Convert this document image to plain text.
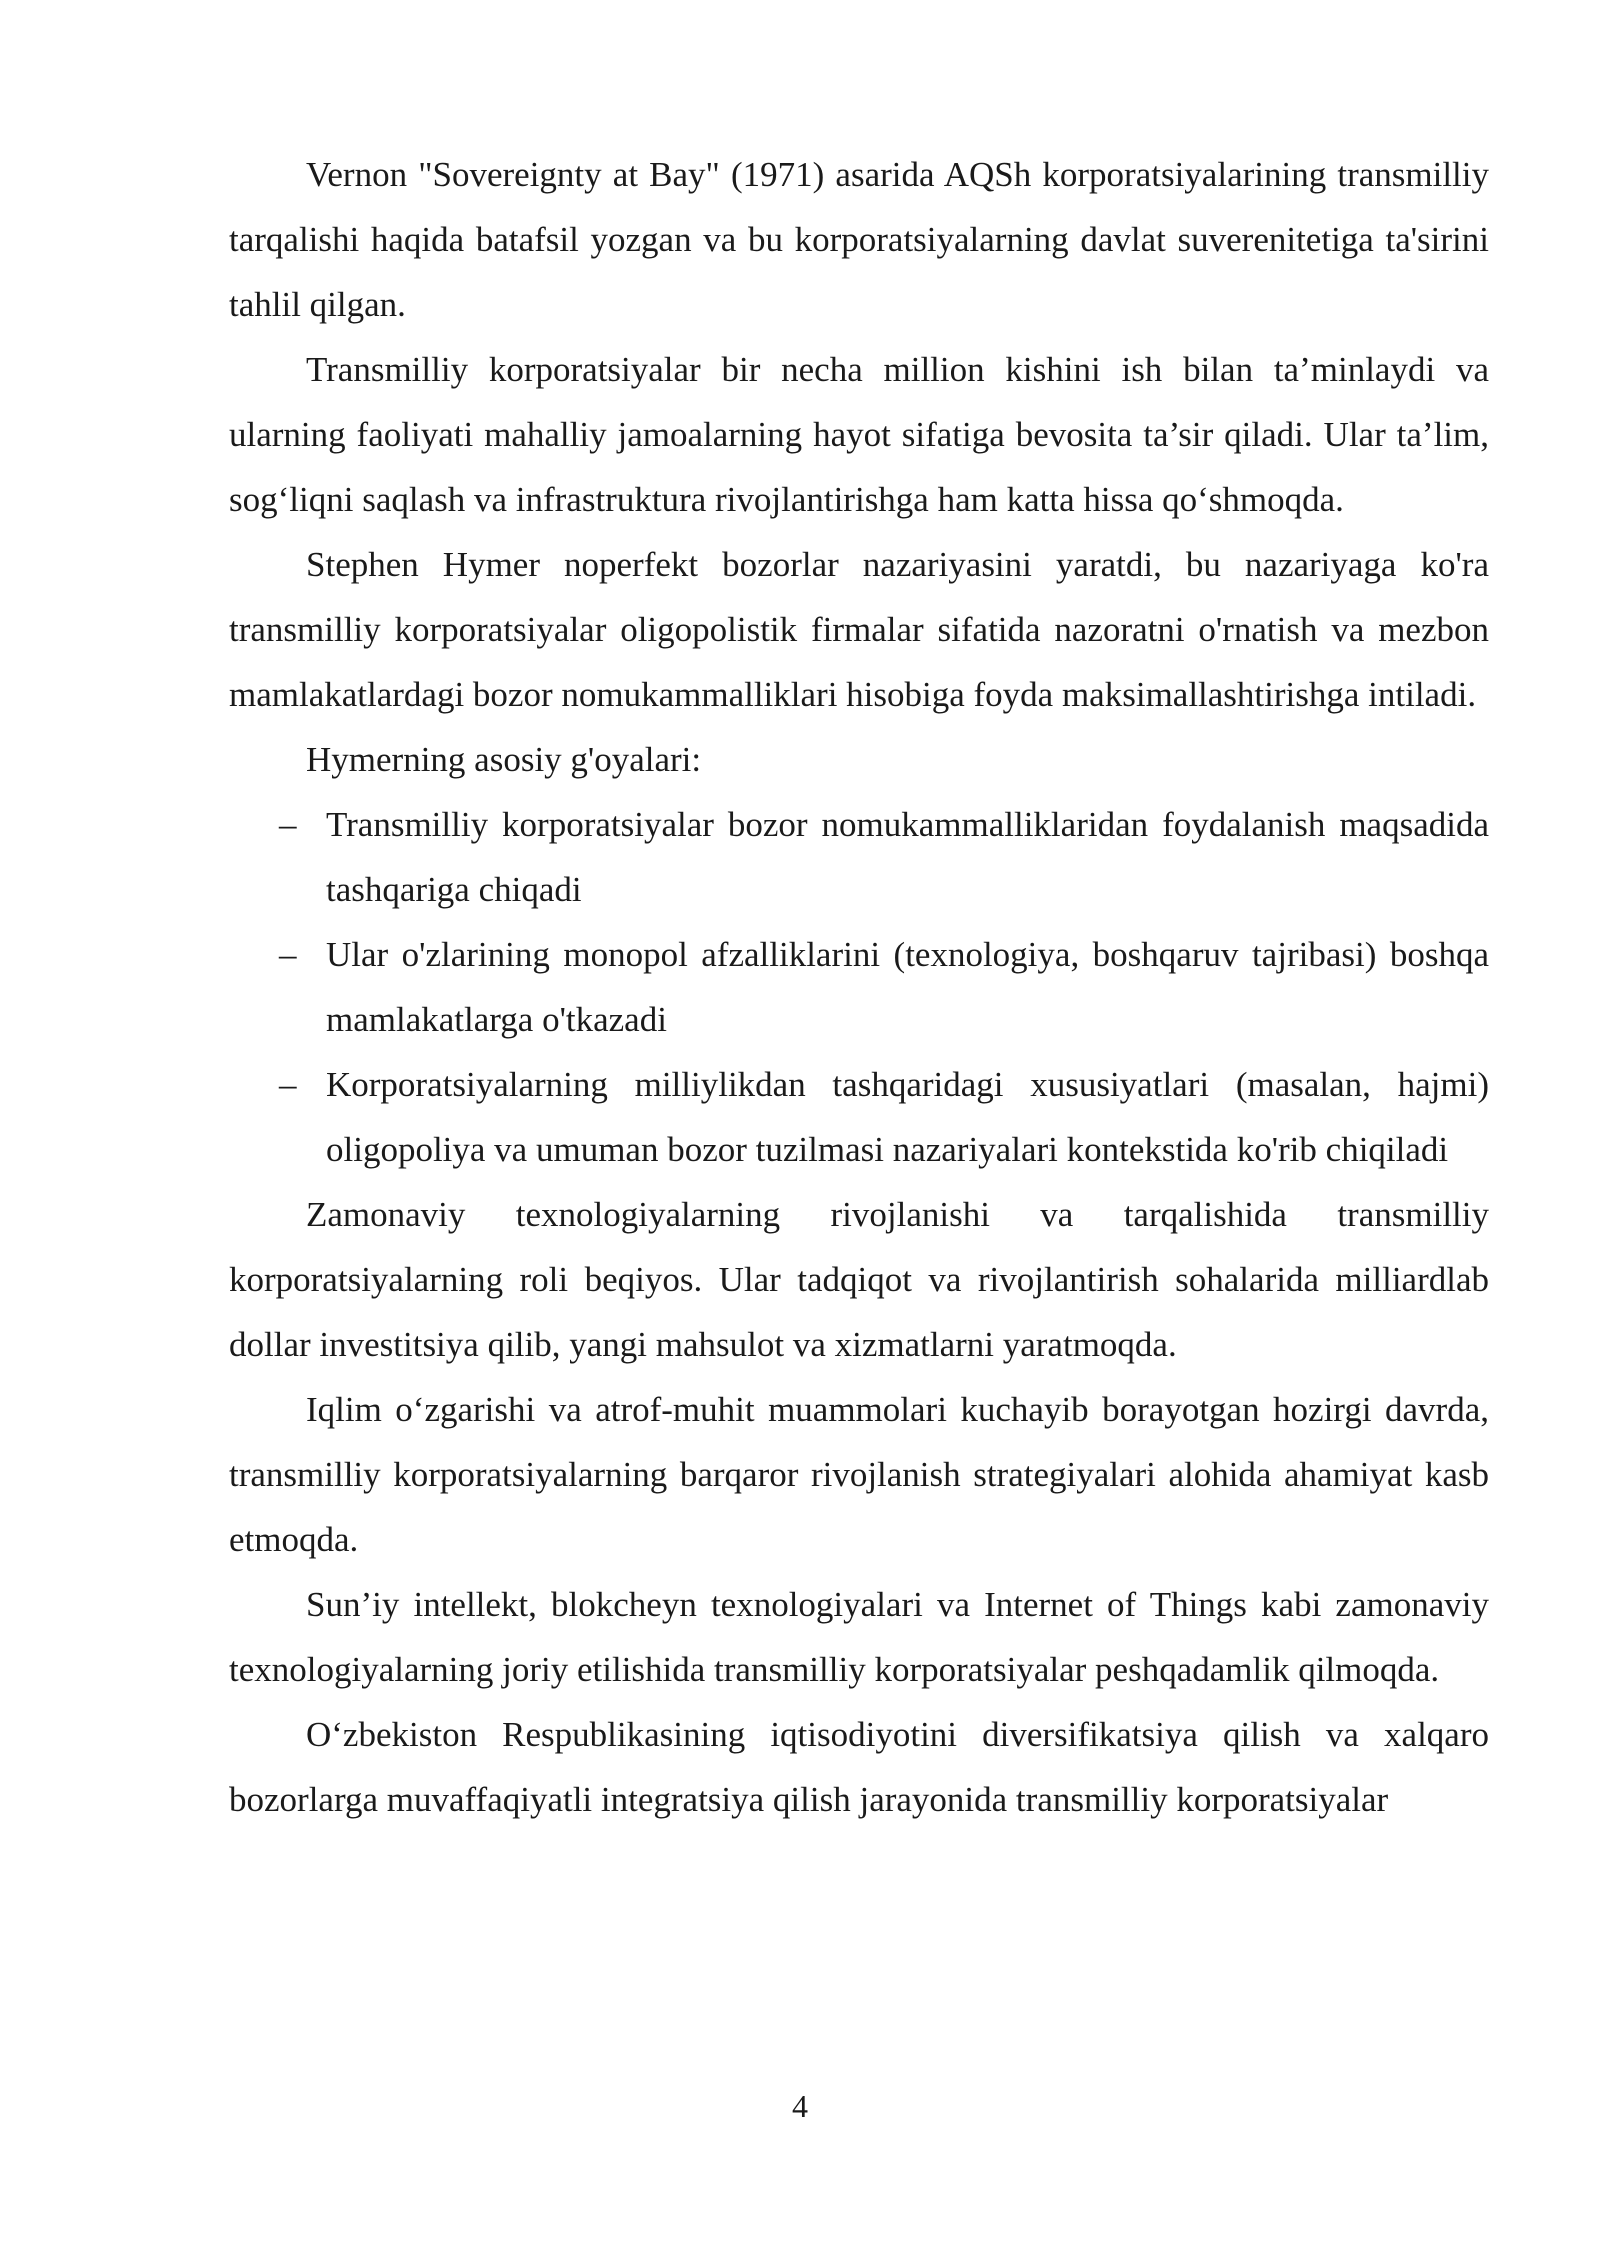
Vernon "Sovereignty at Bay" (1971) asarida AQSh korporatsiyalarining transmilliy tarqalishi haqida batafsil yozgan va bu korporatsiyalarning davlat suverenitetiga ta'sirini tahlil qilgan.

Transmilliy korporatsiyalar bir necha million kishini ish bilan ta’minlaydi va ularning faoliyati mahalliy jamoalarning hayot sifatiga bevosita ta’sir qiladi. Ular ta’lim, sog‘liqni saqlash va infrastruktura rivojlantirishga ham katta hissa qo‘shmoqda.

Stephen Hymer noperfekt bozorlar nazariyasini yaratdi, bu nazariyaga ko'ra transmilliy korporatsiyalar oligopolistik firmalar sifatida nazoratni o'rnatish va mezbon mamlakatlardagi bozor nomukammalliklari hisobiga foyda maksimallashtirishga intiladi.

Hymerning asosiy g'oyalari:

– Transmilliy korporatsiyalar bozor nomukammalliklaridan foydalanish maqsadida tashqariga chiqadi
– Ular o'zlarining monopol afzalliklarini (texnologiya, boshqaruv tajribasi) boshqa mamlakatlarga o'tkazadi
– Korporatsiyalarning milliylikdan tashqaridagi xususiyatlari (masalan, hajmi) oligopoliya va umuman bozor tuzilmasi nazariyalari kontekstida ko'rib chiqiladi

Zamonaviy texnologiyalarning rivojlanishi va tarqalishida transmilliy korporatsiyalarning roli beqiyos. Ular tadqiqot va rivojlantirish sohalarida milliardlab dollar investitsiya qilib, yangi mahsulot va xizmatlarni yaratmoqda.

Iqlim o‘zgarishi va atrof-muhit muammolari kuchayib borayotgan hozirgi davrda, transmilliy korporatsiyalarning barqaror rivojlanish strategiyalari alohida ahamiyat kasb etmoqda.

Sun’iy intellekt, blokcheyn texnologiyalari va Internet of Things kabi zamonaviy texnologiyalarning joriy etilishida transmilliy korporatsiyalar peshqadamlik qilmoqda.

O‘zbekiston Respublikasining iqtisodiyotini diversifikatsiya qilish va xalqaro bozorlarga muvaffaqiyatli integratsiya qilish jarayonida transmilliy korporatsiyalar

4
